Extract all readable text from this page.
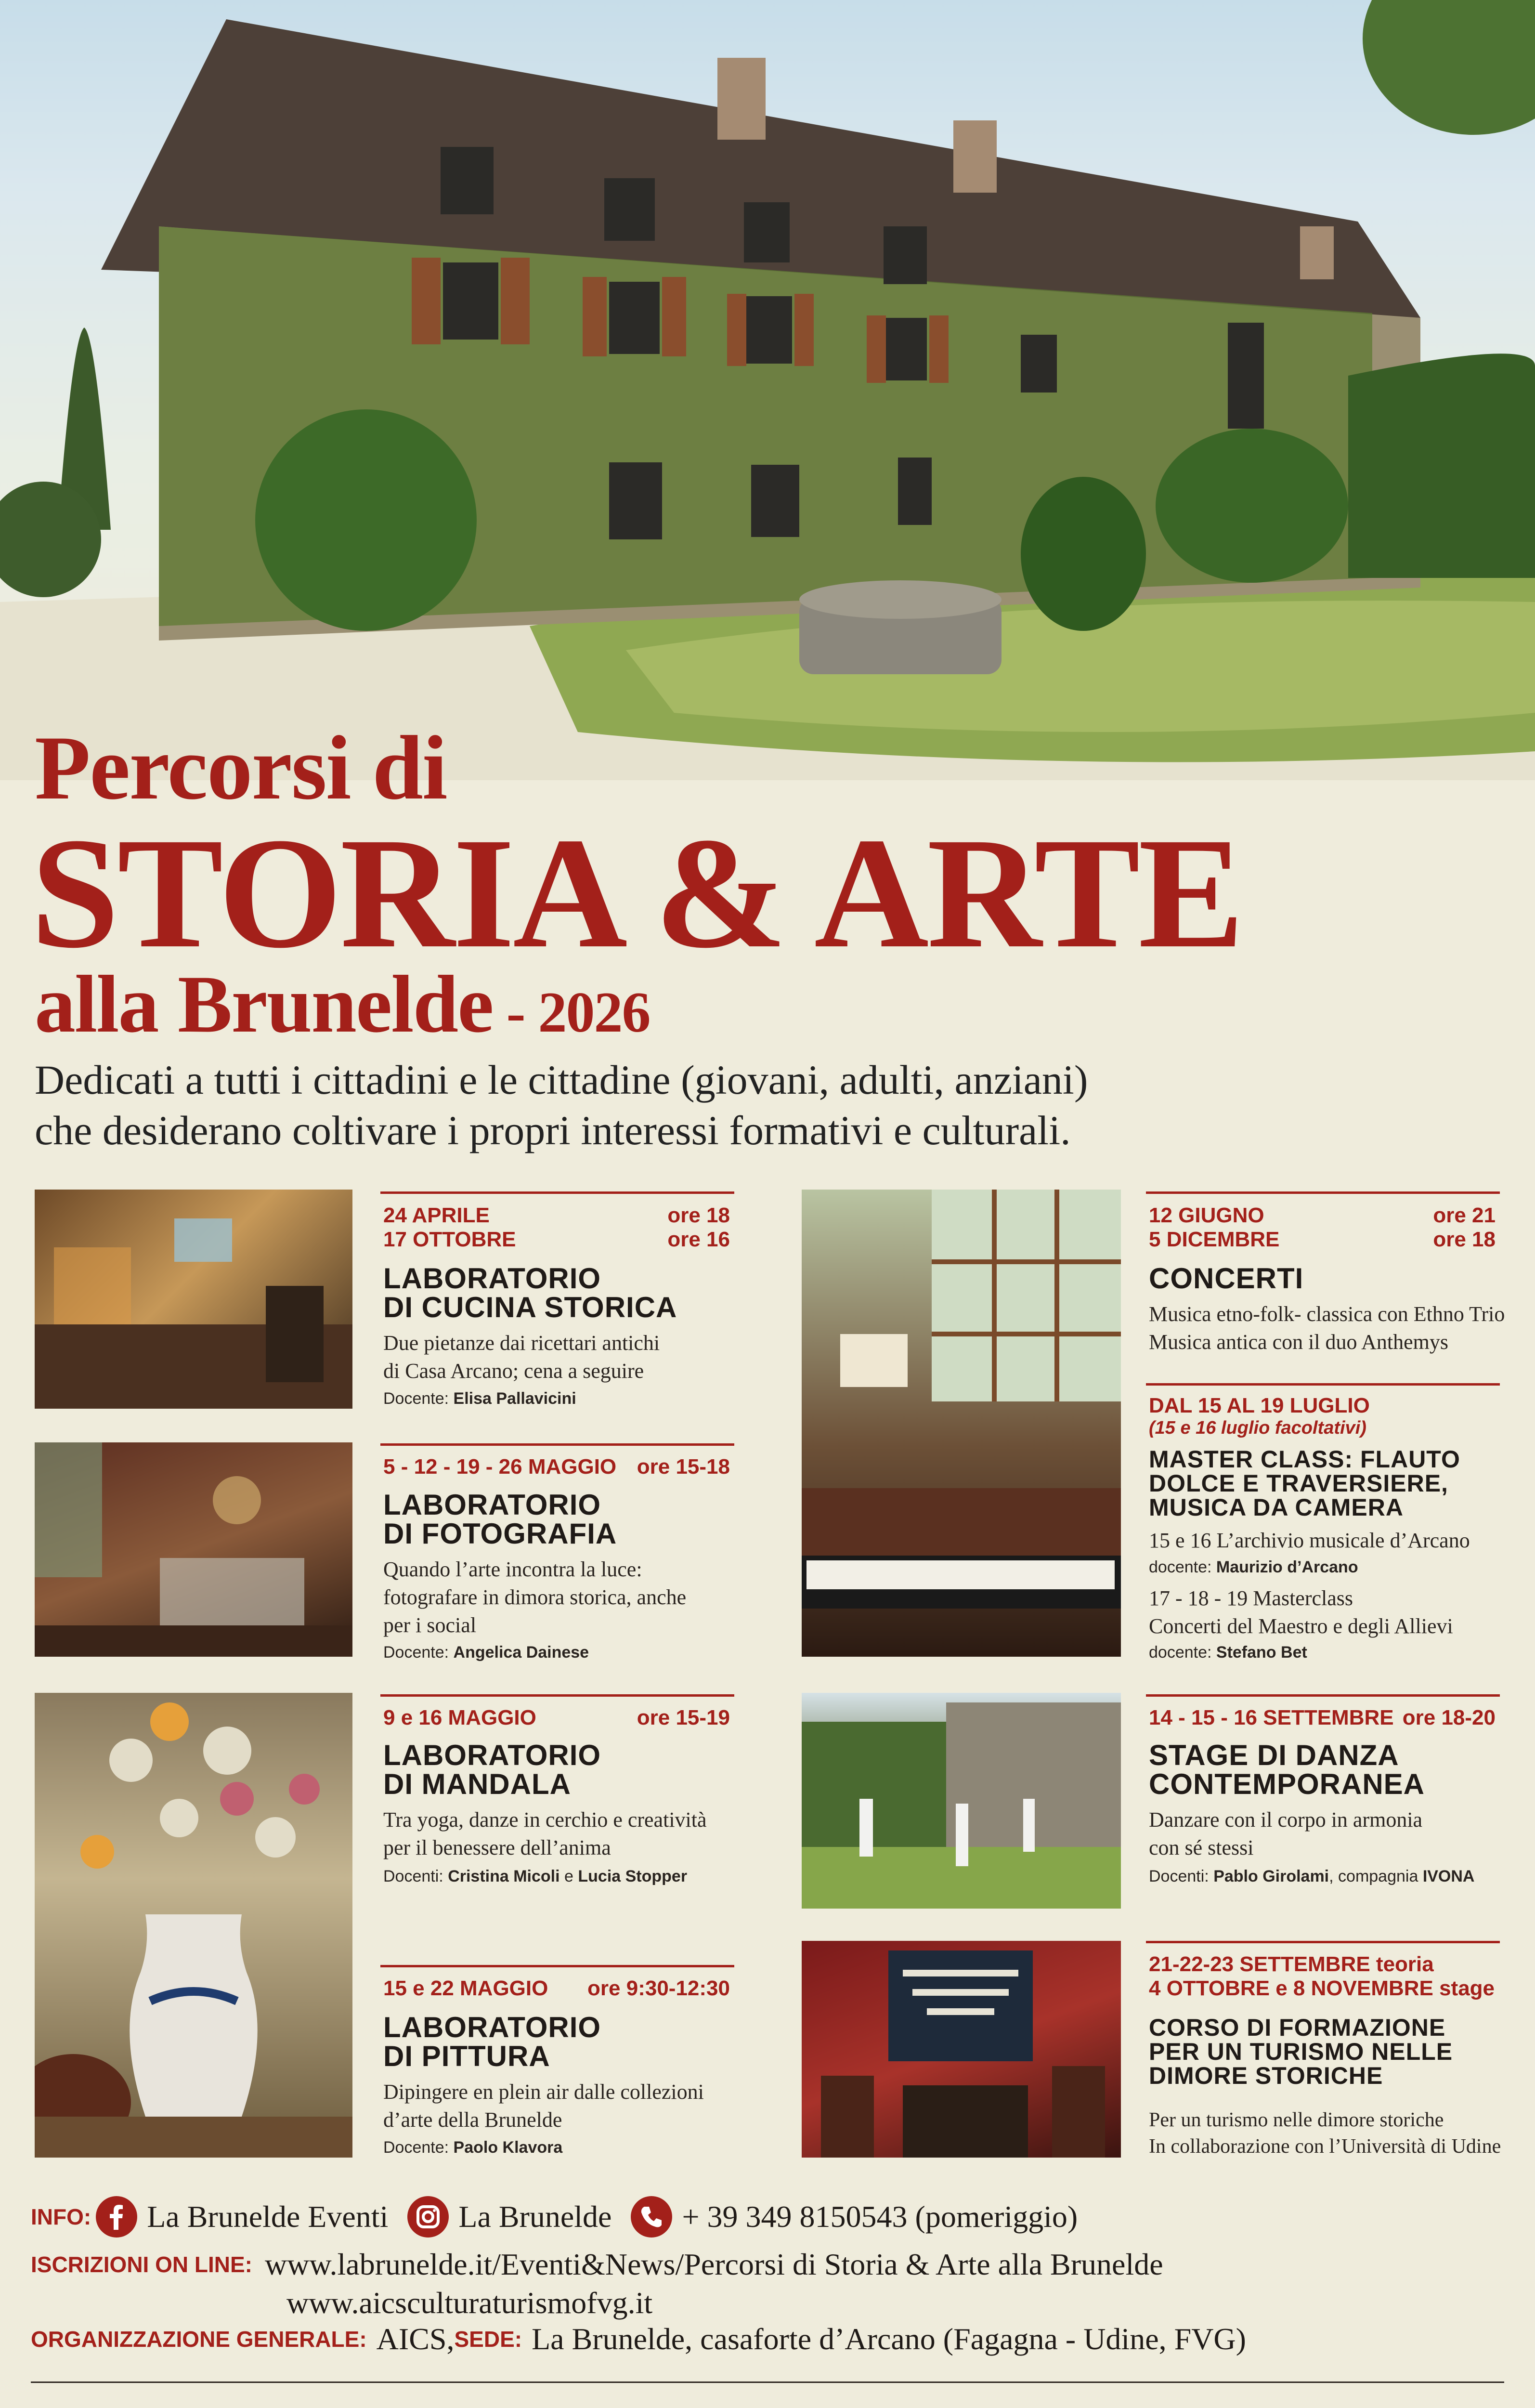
Percorsi di
STORIA & ARTE
alla Brunelde - 2026
Dedicati a tutti i cittadini e le cittadine (giovani, adulti, anziani)
che desiderano coltivare i propri interessi formativi e culturali.
24 APRILE	ore 18
17 OTTOBRE	ore 16
LABORATORIO
DI CUCINA STORICA
Due pietanze dai ricettari antichi
di Casa Arcano; cena a seguire
Docente: Elisa Pallavicini
5 - 12 - 19 - 26 MAGGIO ore 15-18
LABORATORIO
DI FOTOGRAFIA
Quando l’arte incontra la luce:
fotografare in dimora storica, anche
per i social
Docente: Angelica Dainese
9 e 16 MAGGIO	ore 15-19
LABORATORIO
DI MANDALA
Tra yoga, danze in cerchio e creatività
per il benessere dell’anima
Docenti: Cristina Micoli e Lucia Stopper
15 e 22 MAGGIO ore 9:30-12:30
LABORATORIO
DI PITTURA
Dipingere en plein air dalle collezioni
d’arte della Brunelde
Docente: Paolo Klavora
12 GIUGNO	ore 21
5 DICEMBRE	ore 18
CONCERTI
Musica etno-folk- classica con Ethno Trio
Musica antica con il duo Anthemys
DAL 15 AL 19 LUGLIO
(15 e 16 luglio facoltativi)
MASTER CLASS: FLAUTO
DOLCE E TRAVERSIERE,
MUSICA DA CAMERA
15 e 16 L’archivio musicale d’Arcano
docente: Maurizio d’Arcano
17 - 18 - 19 Masterclass
Concerti del Maestro e degli Allievi
docente: Stefano Bet
14 - 15 - 16 SETTEMBRE ore 18-20
STAGE DI DANZA
CONTEMPORANEA
Danzare con il corpo in armonia
con sé stessi
Docenti: Pablo Girolami, compagnia IVONA
21-22-23 SETTEMBRE teoria
4 OTTOBRE e 8 NOVEMBRE stage
CORSO DI FORMAZIONE
PER UN TURISMO NELLE
DIMORE STORICHE
Per un turismo nelle dimore storiche
In collaborazione con l’Università di Udine
INFO: La Brunelde Eventi La Brunelde + 39 349 8150543 (pomeriggio)
ISCRIZIONI ON LINE: www.labrunelde.it/Eventi&News/Percorsi di Storia & Arte alla Brunelde
www.aicsculturaturismofvg.it
ORGANIZZAZIONE GENERALE: AICS, SEDE: La Brunelde, casaforte d’Arcano (Fagagna - Udine, FVG)
